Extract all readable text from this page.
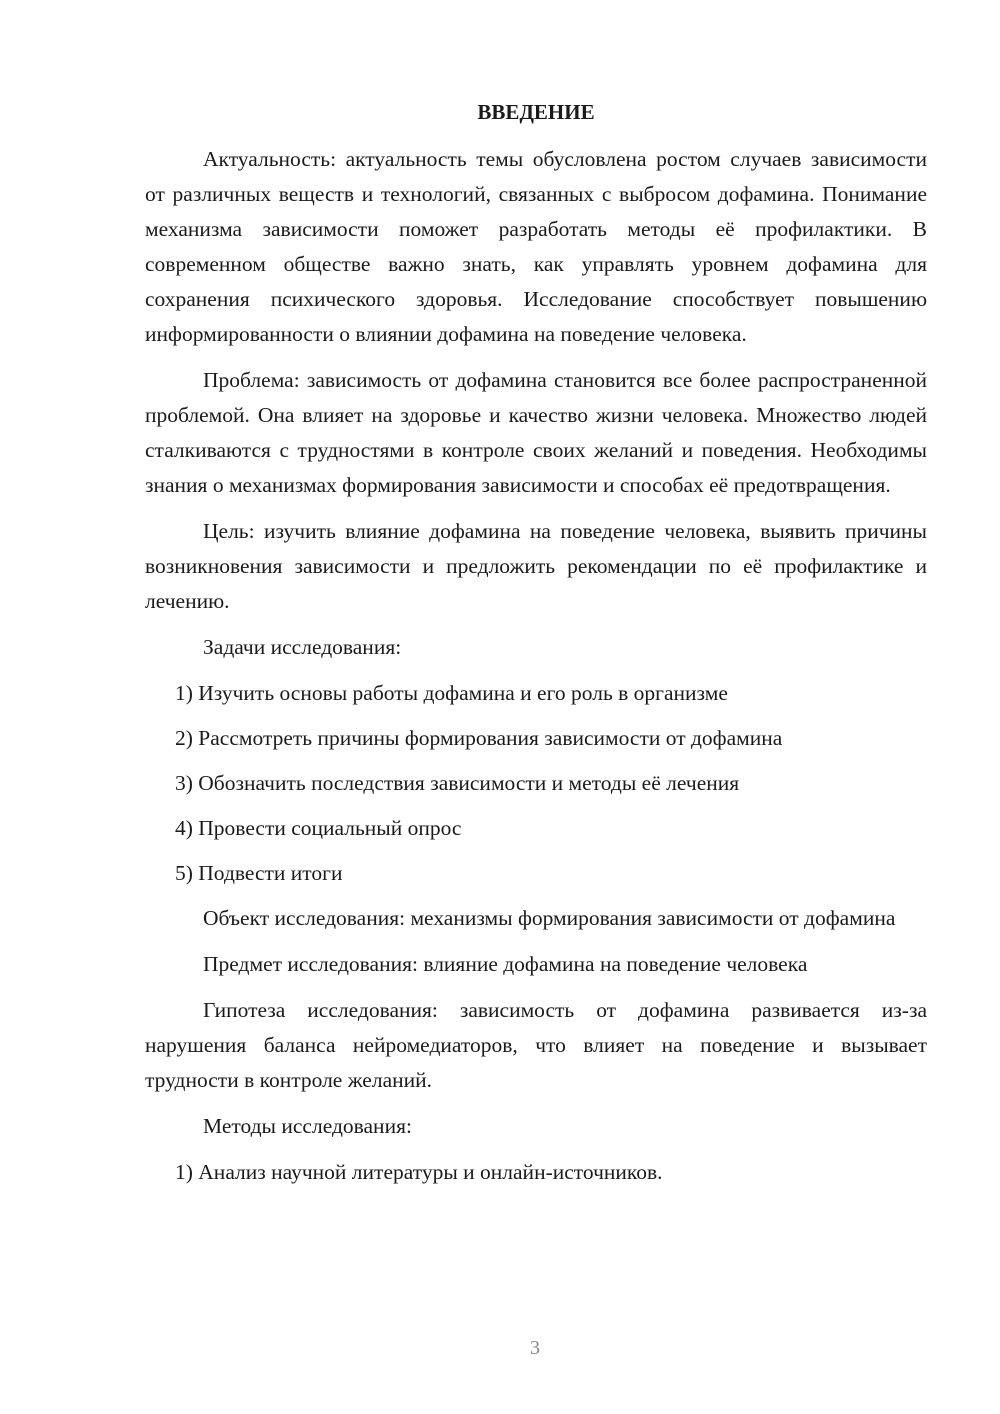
ВВЕДЕНИЕ

Актуальность: актуальность темы обусловлена ростом случаев зависимости от различных веществ и технологий, связанных с выбросом дофамина. Понимание механизма зависимости поможет разработать методы её профилактики. В современном обществе важно знать, как управлять уровнем дофамина для сохранения психического здоровья. Исследование способствует повышению информированности о влиянии дофамина на поведение человека.

Проблема: зависимость от дофамина становится все более распространенной проблемой. Она влияет на здоровье и качество жизни человека. Множество людей сталкиваются с трудностями в контроле своих желаний и поведения. Необходимы знания о механизмах формирования зависимости и способах её предотвращения.

Цель: изучить влияние дофамина на поведение человека, выявить причины возникновения зависимости и предложить рекомендации по её профилактике и лечению.

Задачи исследования:

1) Изучить основы работы дофамина и его роль в организме

2) Рассмотреть причины формирования зависимости от дофамина

3) Обозначить последствия зависимости и методы её лечения

4) Провести социальный опрос

5) Подвести итоги

Объект исследования: механизмы формирования зависимости от дофамина

Предмет исследования: влияние дофамина на поведение человека

Гипотеза исследования: зависимость от дофамина развивается из-за нарушения баланса нейромедиаторов, что влияет на поведение и вызывает трудности в контроле желаний.

Методы исследования:

1) Анализ научной литературы и онлайн-источников.

3
